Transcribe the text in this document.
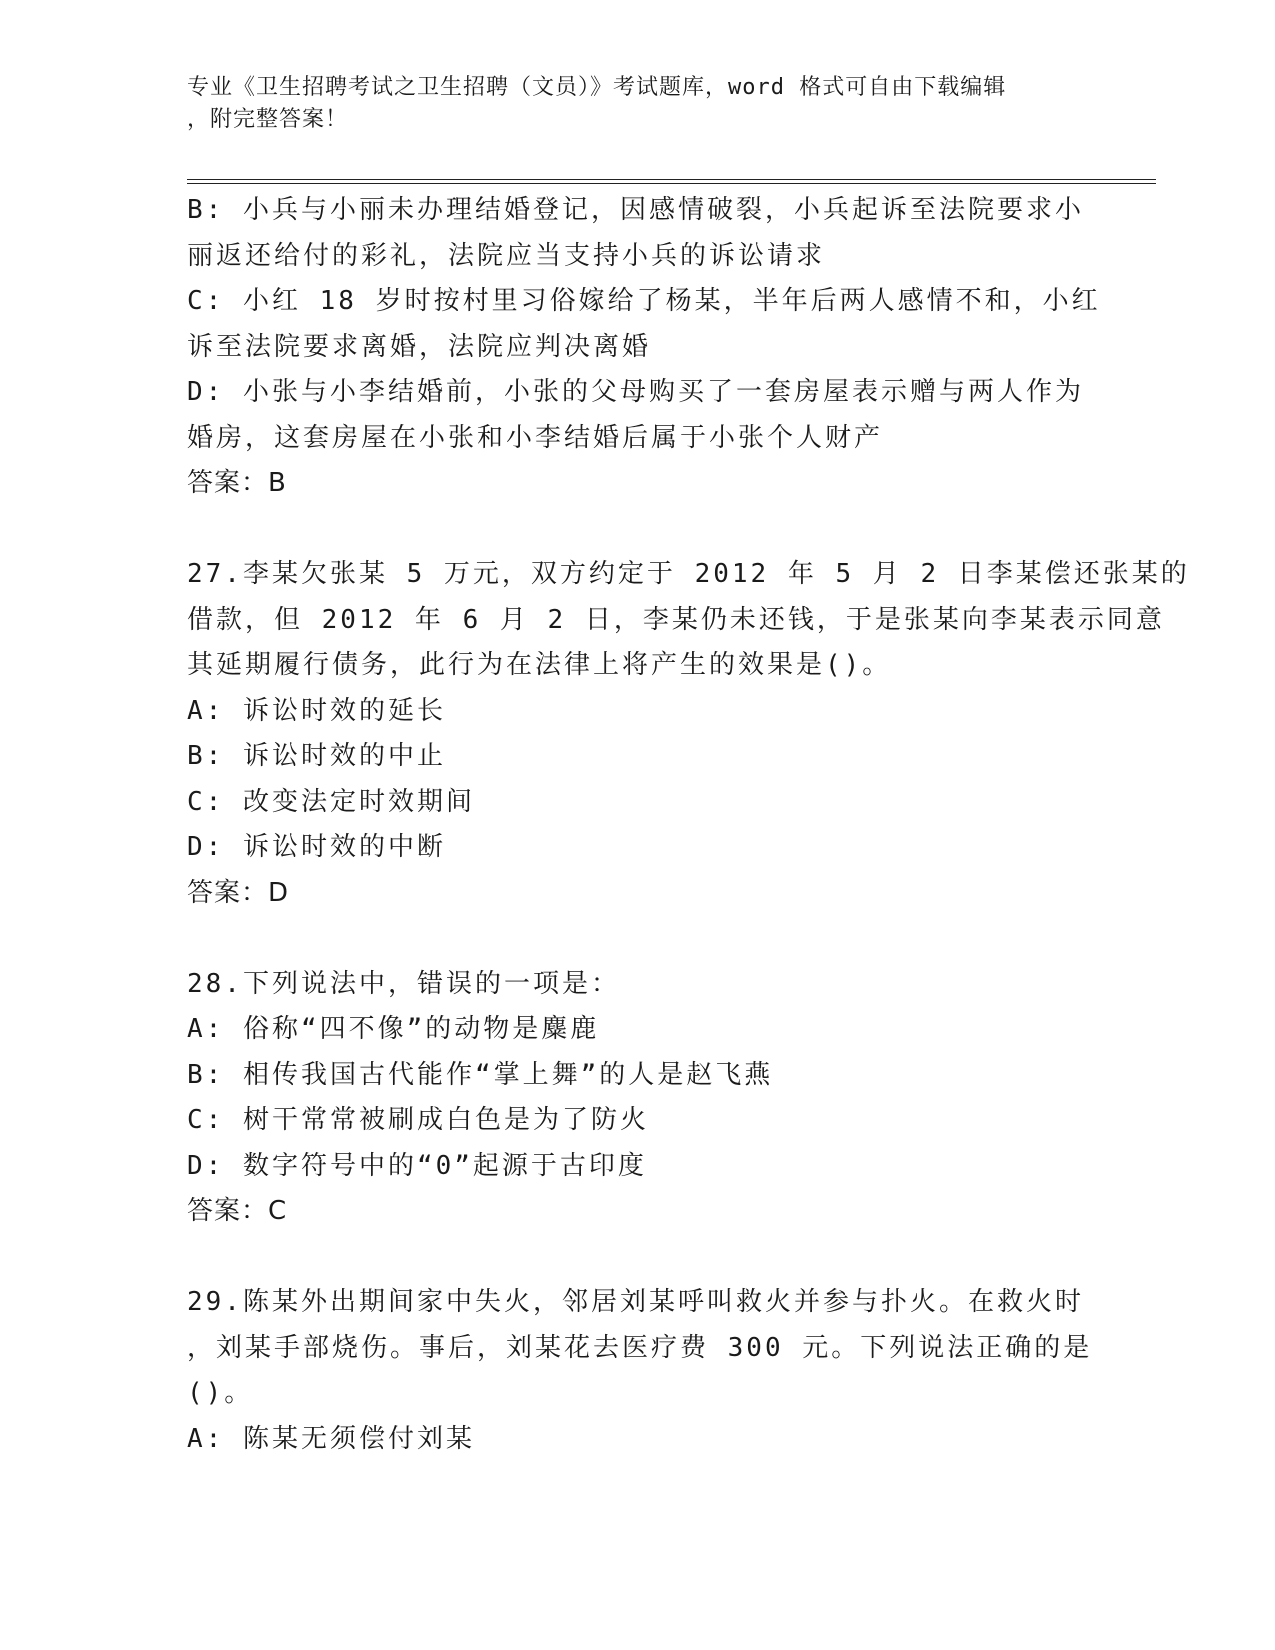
专业《卫生招聘考试之卫生招聘（文员）》考试题库，word 格式可自由下载编辑
，附完整答案！
B: 小兵与小丽未办理结婚登记，因感情破裂，小兵起诉至法院要求小
丽返还给付的彩礼，法院应当支持小兵的诉讼请求
C: 小红 18 岁时按村里习俗嫁给了杨某，半年后两人感情不和，小红
诉至法院要求离婚，法院应判决离婚
D: 小张与小李结婚前，小张的父母购买了一套房屋表示赠与两人作为
婚房，这套房屋在小张和小李结婚后属于小张个人财产
答案：B
27.李某欠张某 5 万元，双方约定于 2012 年 5 月 2 日李某偿还张某的
借款，但 2012 年 6 月 2 日，李某仍未还钱，于是张某向李某表示同意
其延期履行债务，此行为在法律上将产生的效果是()。
A: 诉讼时效的延长
B: 诉讼时效的中止
C: 改变法定时效期间
D: 诉讼时效的中断
答案：D
28.下列说法中，错误的一项是：
A: 俗称“四不像”的动物是麋鹿
B: 相传我国古代能作“掌上舞”的人是赵飞燕
C: 树干常常被刷成白色是为了防火
D: 数字符号中的“0”起源于古印度
答案：C
29.陈某外出期间家中失火，邻居刘某呼叫救火并参与扑火。在救火时
，刘某手部烧伤。事后，刘某花去医疗费 300 元。下列说法正确的是
()。
A: 陈某无须偿付刘某
